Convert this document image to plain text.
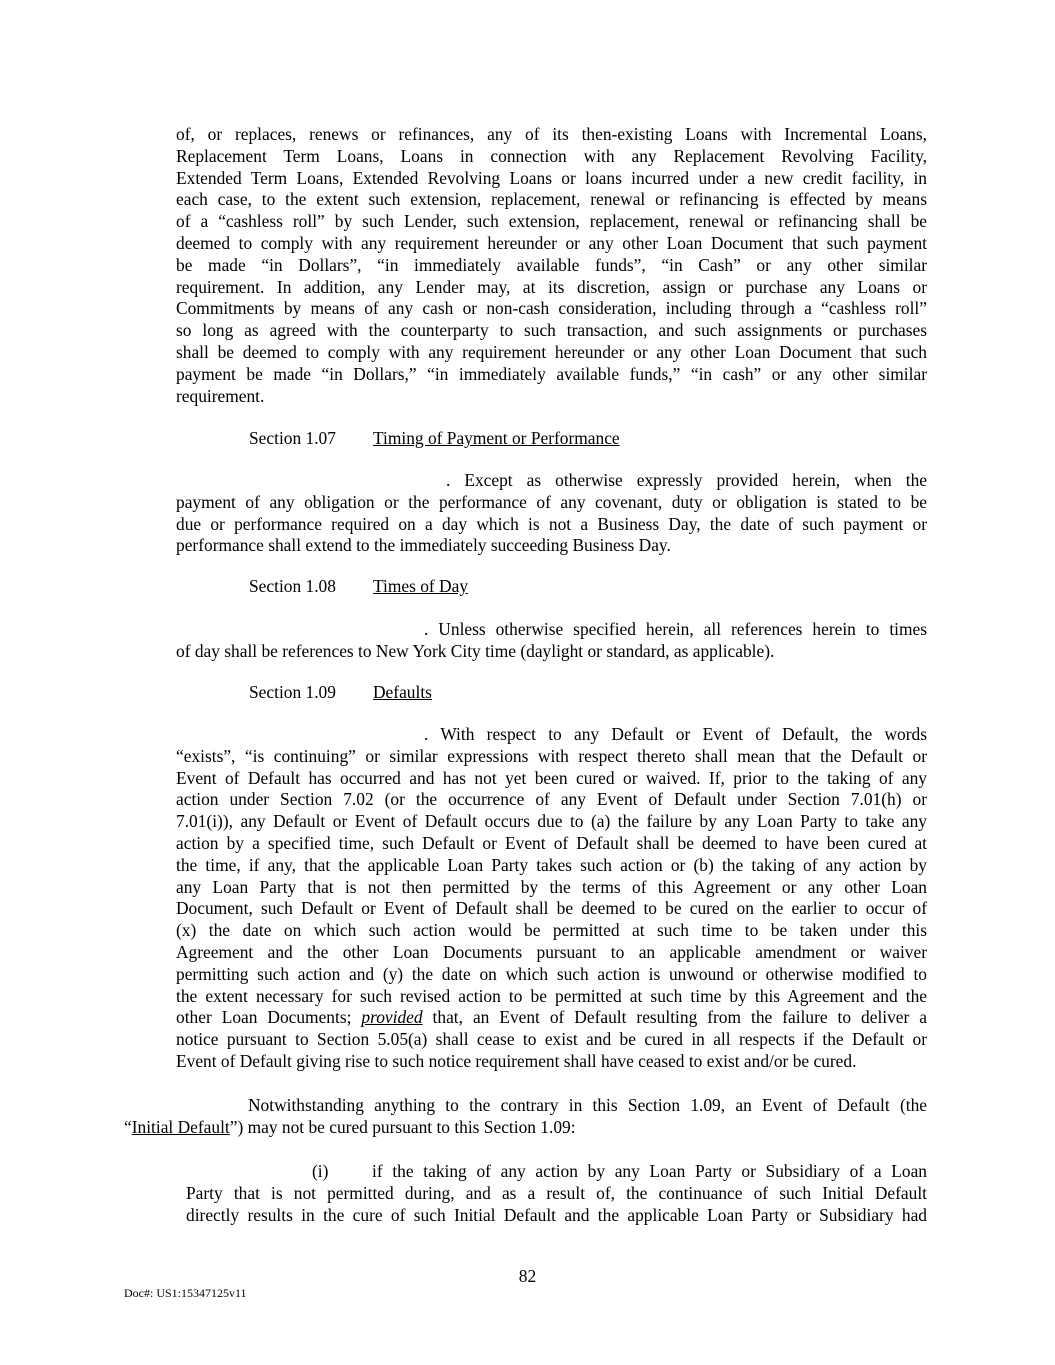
of, or replaces, renews or refinances, any of its then-existing Loans with Incremental Loans,
Replacement Term Loans, Loans in connection with any Replacement Revolving Facility,
Extended Term Loans, Extended Revolving Loans or loans incurred under a new credit facility, in
each case, to the extent such extension, replacement, renewal or refinancing is effected by means
of a “cashless roll” by such Lender, such extension, replacement, renewal or refinancing shall be
deemed to comply with any requirement hereunder or any other Loan Document that such payment
be made “in Dollars”, “in immediately available funds”, “in Cash” or any other similar
requirement. In addition, any Lender may, at its discretion, assign or purchase any Loans or
Commitments by means of any cash or non-cash consideration, including through a “cashless roll”
so long as agreed with the counterparty to such transaction, and such assignments or purchases
shall be deemed to comply with any requirement hereunder or any other Loan Document that such
payment be made “in Dollars,” “in immediately available funds,” “in cash” or any other similar
requirement.
Section 1.07 Timing of Payment or Performance
. Except as otherwise expressly provided herein, when the
payment of any obligation or the performance of any covenant, duty or obligation is stated to be
due or performance required on a day which is not a Business Day, the date of such payment or
performance shall extend to the immediately succeeding Business Day.
Section 1.08 Times of Day
. Unless otherwise specified herein, all references herein to times
of day shall be references to New York City time (daylight or standard, as applicable).
Section 1.09 Defaults
. With respect to any Default or Event of Default, the words
“exists”, “is continuing” or similar expressions with respect thereto shall mean that the Default or
Event of Default has occurred and has not yet been cured or waived. If, prior to the taking of any
action under Section 7.02 (or the occurrence of any Event of Default under Section 7.01(h) or
7.01(i)), any Default or Event of Default occurs due to (a) the failure by any Loan Party to take any
action by a specified time, such Default or Event of Default shall be deemed to have been cured at
the time, if any, that the applicable Loan Party takes such action or (b) the taking of any action by
any Loan Party that is not then permitted by the terms of this Agreement or any other Loan
Document, such Default or Event of Default shall be deemed to be cured on the earlier to occur of
(x) the date on which such action would be permitted at such time to be taken under this
Agreement and the other Loan Documents pursuant to an applicable amendment or waiver
permitting such action and (y) the date on which such action is unwound or otherwise modified to
the extent necessary for such revised action to be permitted at such time by this Agreement and the
other Loan Documents; provided that, an Event of Default resulting from the failure to deliver a
notice pursuant to Section 5.05(a) shall cease to exist and be cured in all respects if the Default or
Event of Default giving rise to such notice requirement shall have ceased to exist and/or be cured.
Notwithstanding anything to the contrary in this Section 1.09, an Event of Default (the
“Initial Default”) may not be cured pursuant to this Section 1.09:
(i)	if the taking of any action by any Loan Party or Subsidiary of a Loan
Party that is not permitted during, and as a result of, the continuance of such Initial Default
directly results in the cure of such Initial Default and the applicable Loan Party or Subsidiary had
82
Doc#: US1:15347125v11
